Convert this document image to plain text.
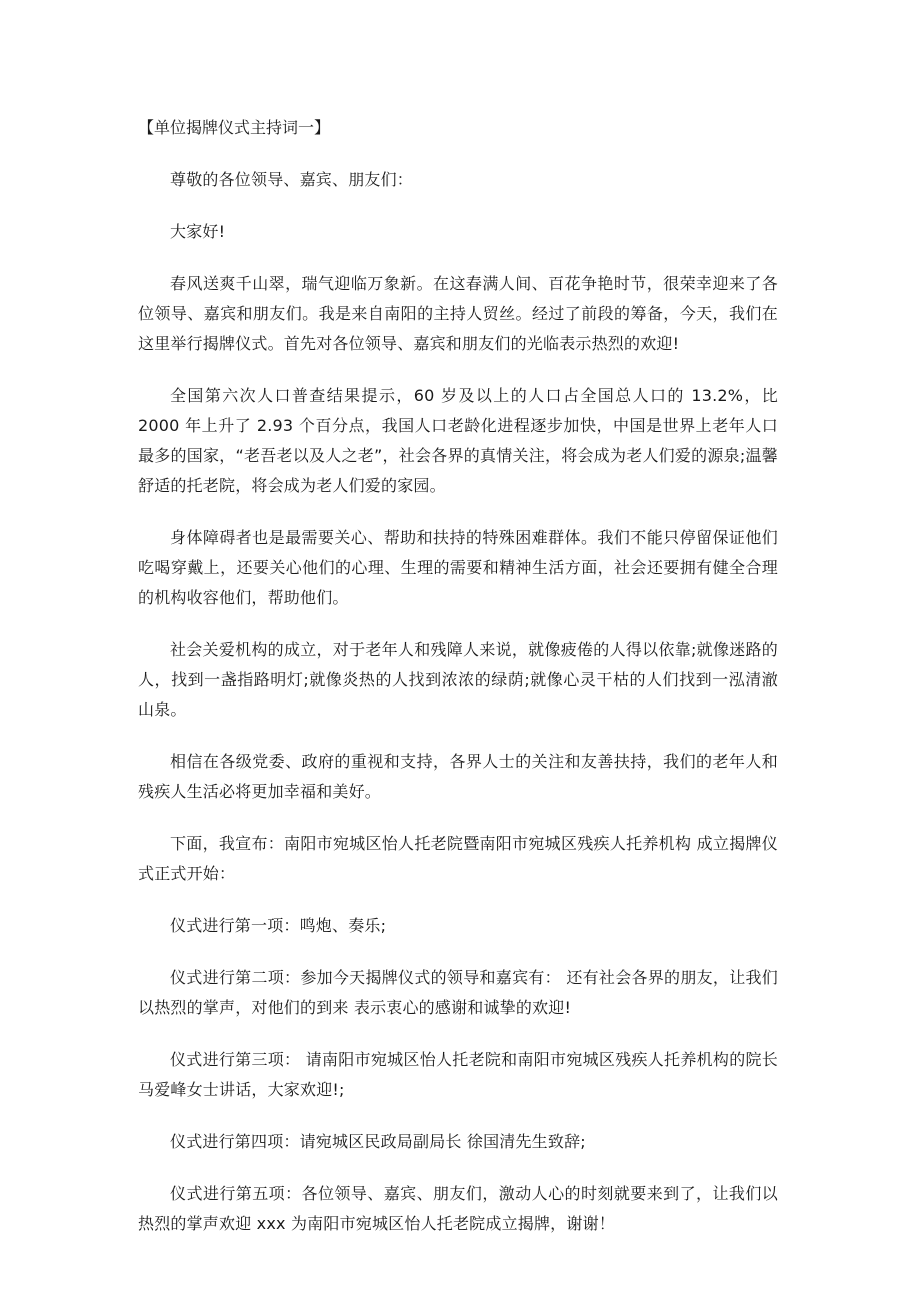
【单位揭牌仪式主持词一】

尊敬的各位领导、嘉宾、朋友们：

大家好!

春风送爽千山翠，瑞气迎临万象新。在这春满人间、百花争艳时节，很荣幸迎来了各位领导、嘉宾和朋友们。我是来自南阳的主持人贸丝。经过了前段的筹备，今天，我们在这里举行揭牌仪式。首先对各位领导、嘉宾和朋友们的光临表示热烈的欢迎!

全国第六次人口普查结果提示，60 岁及以上的人口占全国总人口的 13.2%，比 2000 年上升了 2.93 个百分点，我国人口老龄化进程逐步加快，中国是世界上老年人口最多的国家，“老吾老以及人之老”，社会各界的真情关注，将会成为老人们爱的源泉;温馨舒适的托老院，将会成为老人们爱的家园。

身体障碍者也是最需要关心、帮助和扶持的特殊困难群体。我们不能只停留保证他们吃喝穿戴上，还要关心他们的心理、生理的需要和精神生活方面，社会还要拥有健全合理的机构收容他们，帮助他们。

社会关爱机构的成立，对于老年人和残障人来说，就像疲倦的人得以依靠;就像迷路的人，找到一盏指路明灯;就像炎热的人找到浓浓的绿荫;就像心灵干枯的人们找到一泓清澈山泉。

相信在各级党委、政府的重视和支持，各界人士的关注和友善扶持，我们的老年人和残疾人生活必将更加幸福和美好。

下面，我宣布：南阳市宛城区怡人托老院暨南阳市宛城区残疾人托养机构 成立揭牌仪式正式开始：

仪式进行第一项：鸣炮、奏乐;

仪式进行第二项：参加今天揭牌仪式的领导和嘉宾有： 还有社会各界的朋友，让我们以热烈的掌声，对他们的到来 表示衷心的感谢和诚挚的欢迎!

仪式进行第三项： 请南阳市宛城区怡人托老院和南阳市宛城区残疾人托养机构的院长 马爱峰女士讲话，大家欢迎!;

仪式进行第四项：请宛城区民政局副局长 徐国清先生致辞;

仪式进行第五项：各位领导、嘉宾、朋友们，激动人心的时刻就要来到了，让我们以热烈的掌声欢迎 xxx 为南阳市宛城区怡人托老院成立揭牌，谢谢！
